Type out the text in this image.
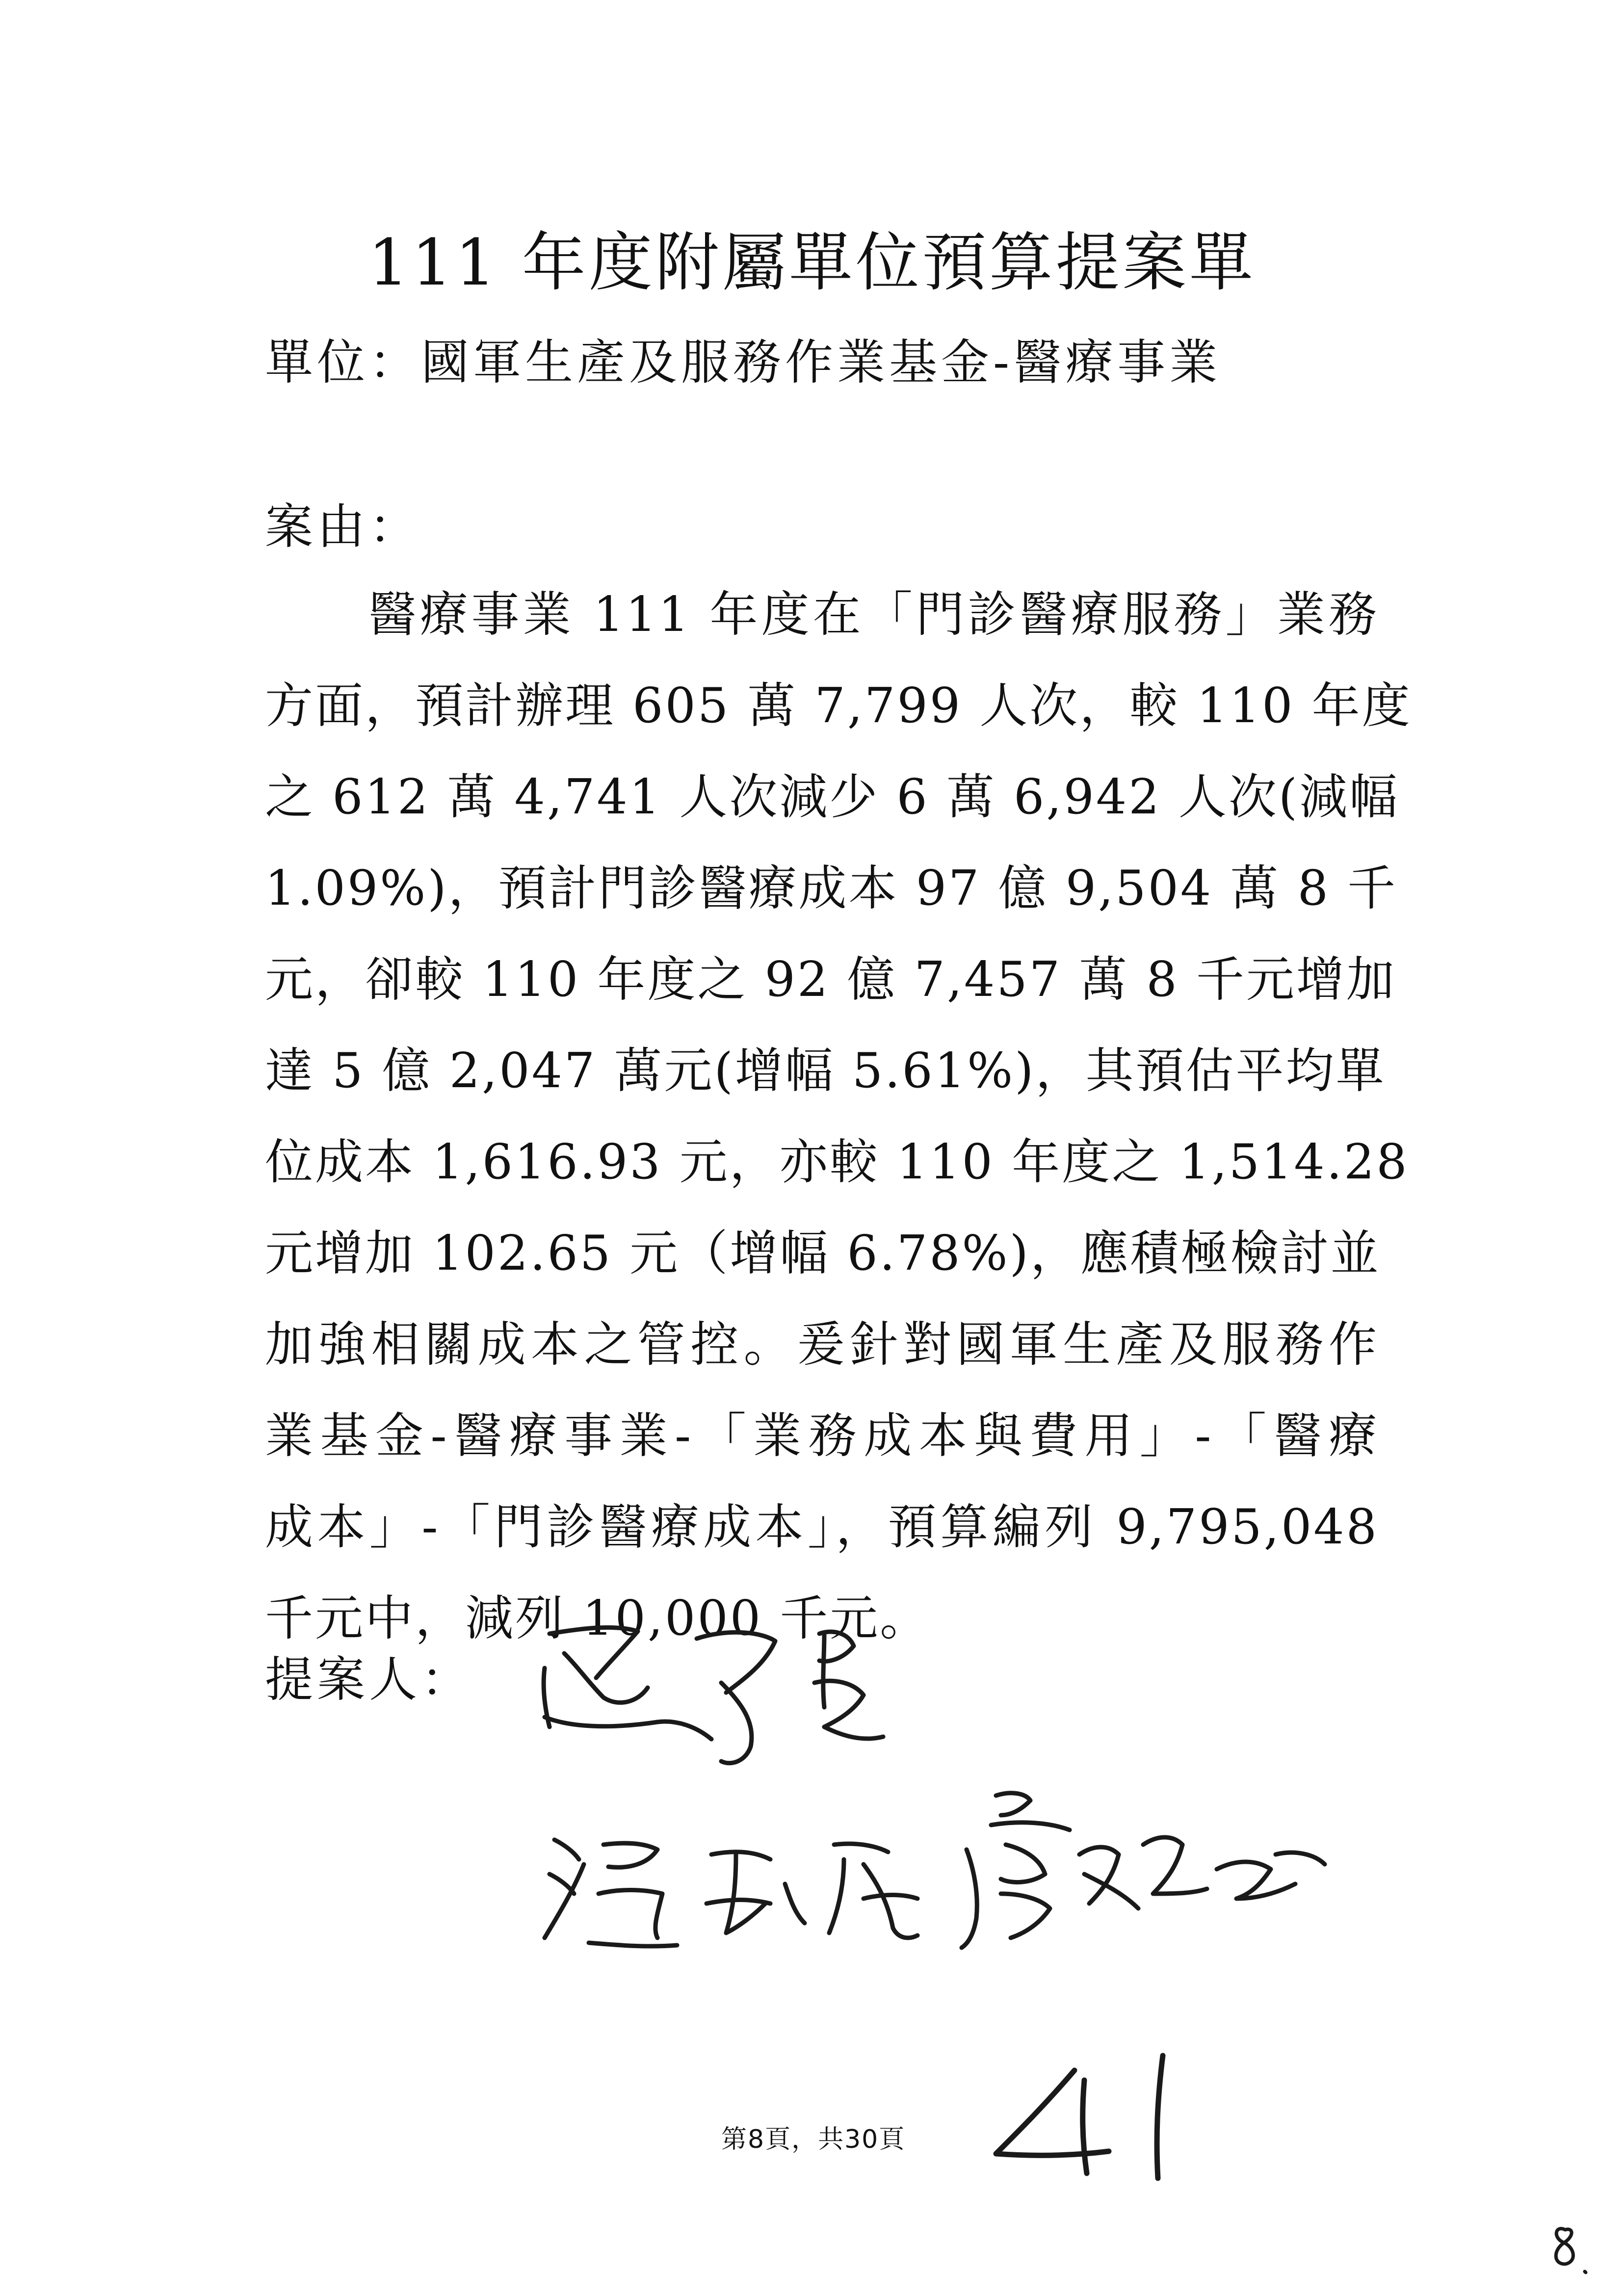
111 年度附屬單位預算提案單
單位：國軍生產及服務作業基金-醫療事業
案由：
　　醫療事業 111 年度在「門診醫療服務」業務
方面，預計辦理 605 萬 7,799 人次，較 110 年度
之 612 萬 4,741 人次減少 6 萬 6,942 人次(減幅
1.09%)，預計門診醫療成本 97 億 9,504 萬 8 千
元，卻較 110 年度之 92 億 7,457 萬 8 千元增加
達 5 億 2,047 萬元(增幅 5.61%)，其預估平均單
位成本 1,616.93 元，亦較 110 年度之 1,514.28
元增加 102.65 元（增幅 6.78%)，應積極檢討並
加強相關成本之管控。爰針對國軍生產及服務作
業基金-醫療事業-「業務成本與費用」-「醫療
成本」-「門診醫療成本」，預算編列 9,795,048
千元中，減列 10,000 千元。
提案人：
第8頁，共30頁
